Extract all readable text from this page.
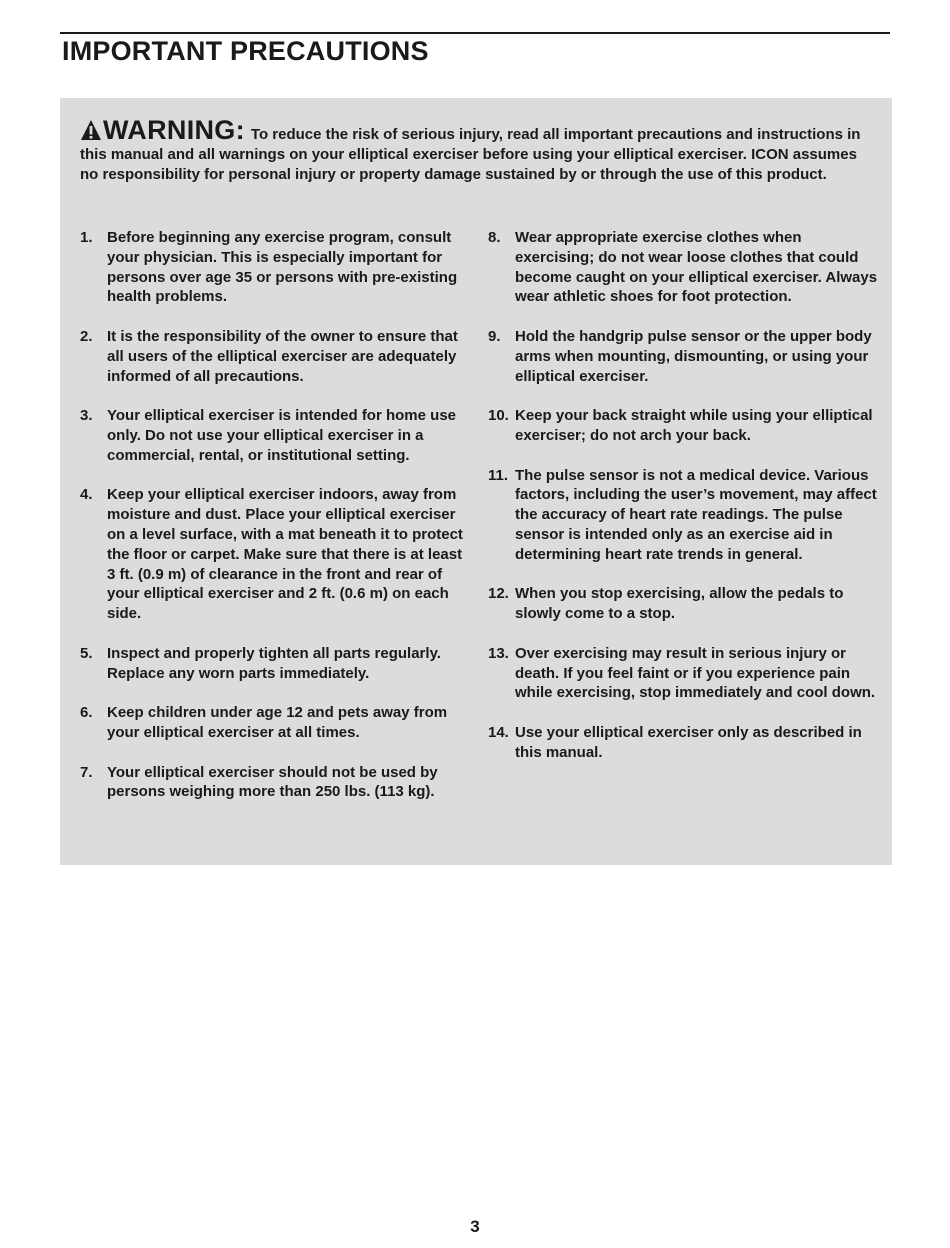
IMPORTANT PRECAUTIONS

WARNING: To reduce the risk of serious injury, read all important precautions and instructions in this manual and all warnings on your elliptical exerciser before using your elliptical exerciser. ICON assumes no responsibility for personal injury or property damage sustained by or through the use of this product.

1. Before beginning any exercise program, consult your physician. This is especially important for persons over age 35 or persons with pre-existing health problems.
2. It is the responsibility of the owner to ensure that all users of the elliptical exerciser are adequately informed of all precautions.
3. Your elliptical exerciser is intended for home use only. Do not use your elliptical exerciser in a commercial, rental, or institutional setting.
4. Keep your elliptical exerciser indoors, away from moisture and dust. Place your elliptical exerciser on a level surface, with a mat beneath it to protect the floor or carpet. Make sure that there is at least 3 ft. (0.9 m) of clearance in the front and rear of your elliptical exerciser and 2 ft. (0.6 m) on each side.
5. Inspect and properly tighten all parts regularly. Replace any worn parts immediately.
6. Keep children under age 12 and pets away from your elliptical exerciser at all times.
7. Your elliptical exerciser should not be used by persons weighing more than 250 lbs. (113 kg).
8. Wear appropriate exercise clothes when exercising; do not wear loose clothes that could become caught on your elliptical exerciser. Always wear athletic shoes for foot protection.
9. Hold the handgrip pulse sensor or the upper body arms when mounting, dismounting, or using your elliptical exerciser.
10. Keep your back straight while using your elliptical exerciser; do not arch your back.
11. The pulse sensor is not a medical device. Various factors, including the user’s movement, may affect the accuracy of heart rate readings. The pulse sensor is intended only as an exercise aid in determining heart rate trends in general.
12. When you stop exercising, allow the pedals to slowly come to a stop.
13. Over exercising may result in serious injury or death. If you feel faint or if you experience pain while exercising, stop immediately and cool down.
14. Use your elliptical exerciser only as described in this manual.
3
